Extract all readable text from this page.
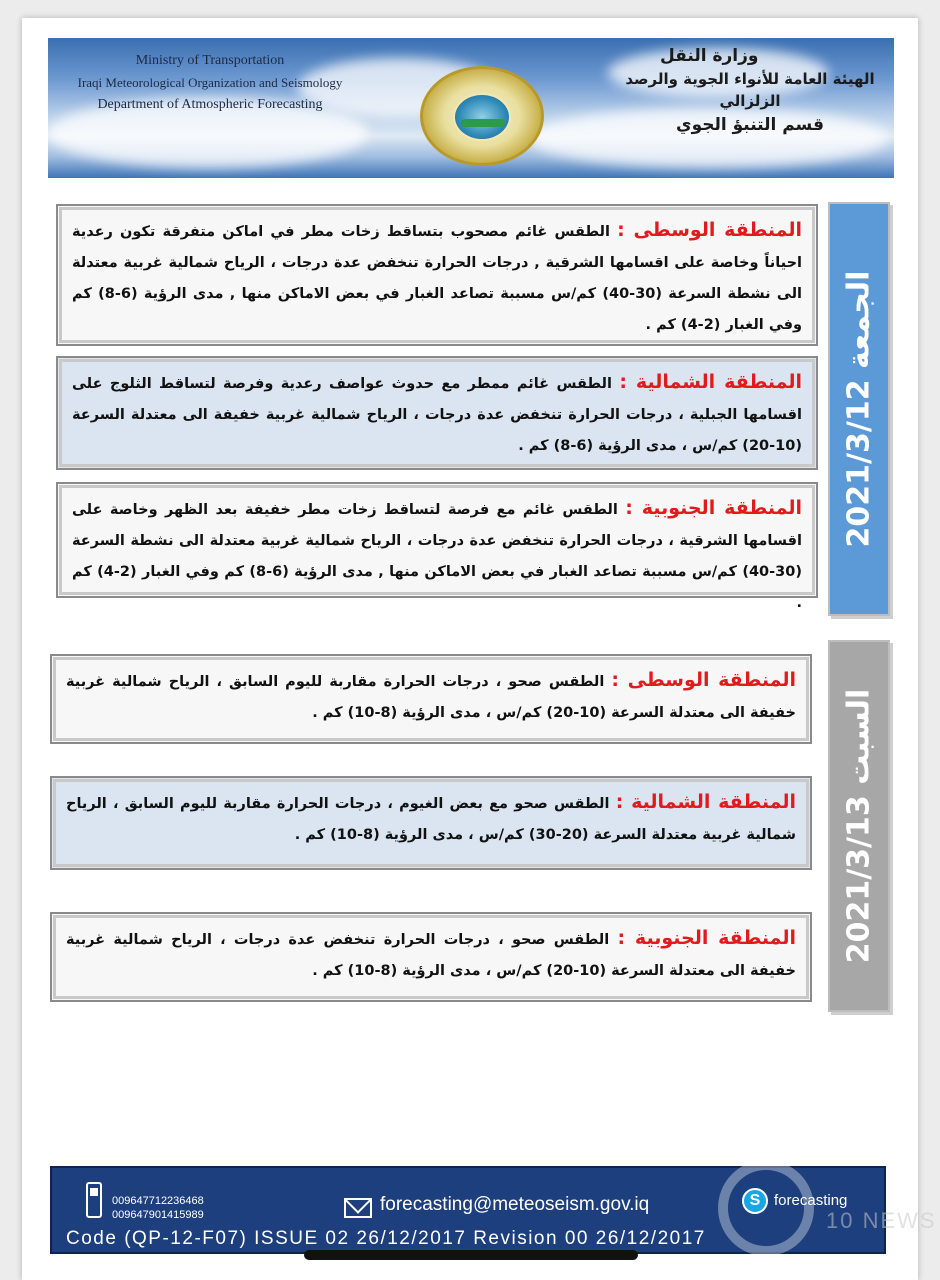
Ministry of Transportation
Iraqi Meteorological Organization and Seismology
Department of Atmospheric Forecasting
وزارة النقل
الهيئة العامة للأنواء الجوية والرصد الزلزالي
قسم التنبؤ الجوي
الجمعة 2021/3/12
السبت 2021/3/13

المنطقة الوسطى : الطقس غائم مصحوب بتساقط زخات مطر في اماكن متفرقة تكون رعدية احياناً وخاصة على اقسامها الشرقية , درجات الحرارة تنخفض عدة درجات ، الرياح شمالية غربية معتدلة الى نشطة السرعة (30-40) كم/س مسببة تصاعد الغبار في بعض الاماكن منها , مدى الرؤية (6-8) كم وفي الغبار (2-4) كم .

المنطقة الشمالية : الطقس غائم ممطر مع حدوث عواصف رعدية وفرصة لتساقط الثلوج على اقسامها الجبلية ، درجات الحرارة تنخفض عدة درجات ، الرياح شمالية غربية خفيفة الى معتدلة السرعة (10-20) كم/س ، مدى الرؤية (6-8) كم .

المنطقة الجنوبية : الطقس غائم مع فرصة لتساقط زخات مطر خفيفة بعد الظهر وخاصة على اقسامها الشرقية ، درجات الحرارة تنخفض عدة درجات ، الرياح شمالية غربية معتدلة الى نشطة السرعة (30-40) كم/س مسببة تصاعد الغبار في بعض الاماكن منها , مدى الرؤية (6-8) كم وفي الغبار (2-4) كم .

المنطقة الوسطى : الطقس صحو ، درجات الحرارة مقاربة لليوم السابق ، الرياح شمالية غربية خفيفة الى معتدلة السرعة (10-20) كم/س ، مدى الرؤية (8-10) كم .

المنطقة الشمالية : الطقس صحو مع بعض الغيوم ، درجات الحرارة مقاربة لليوم السابق ، الرياح شمالية غربية معتدلة السرعة (20-30) كم/س ، مدى الرؤية (8-10) كم .

المنطقة الجنوبية : الطقس صحو ، درجات الحرارة تنخفض عدة درجات ، الرياح شمالية غربية خفيفة الى معتدلة السرعة (10-20) كم/س ، مدى الرؤية (8-10) كم .

009647712236468
009647901415989	forecasting@meteoseism.gov.iq	S forecasting
Code (QP-12-F07) ISSUE 02 26/12/2017 Revision 00 26/12/2017
10 NEWS
